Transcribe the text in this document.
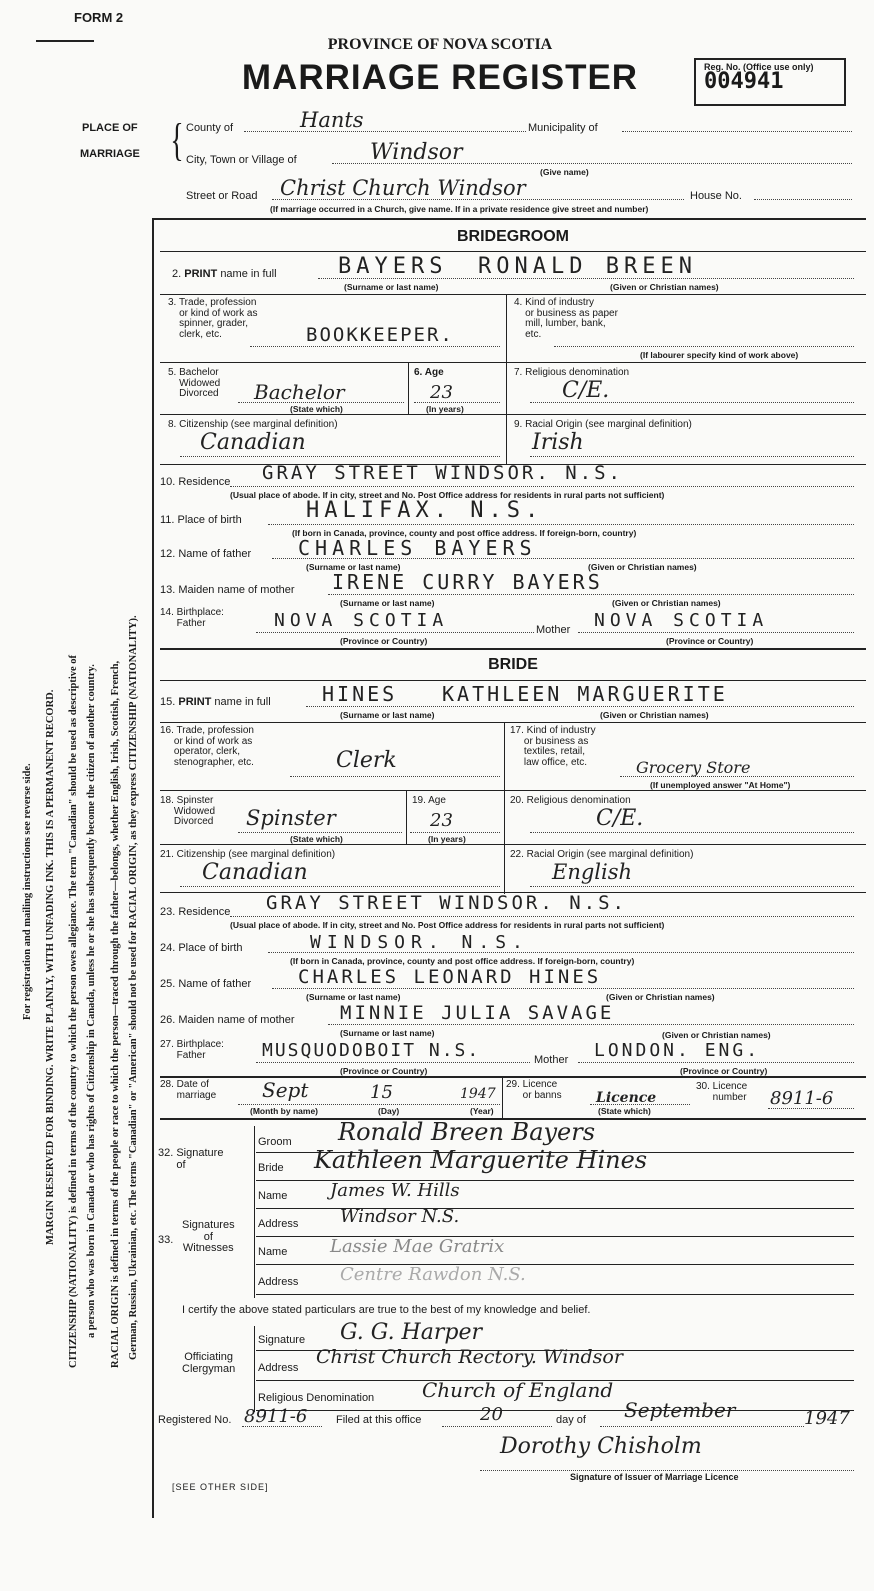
FORM 2
PROVINCE OF NOVA SCOTIA
MARRIAGE REGISTER	Reg. No. (Office use only)
004941
PLACE OF
MARRIAGE { County of	Hants	Municipality of
City, Town or Village of	Windsor
(Give name)
Street or Road Christ Church Windsor	House No.
(If marriage occurred in a Church, give name. If in a private residence give street and number)
For registration and mailing instructions see reverse side. MARGIN RESERVED FOR BINDING. WRITE PLAINLY, WITH UNFADING INK. THIS IS A PERMANENT RECORD. CITIZENSHIP (NATIONALITY) is defined in terms of the country to which the person owes allegiance. The term "Canadian" should be used as descriptive of a person who was born in Canada or who has rights of Citizenship in Canada, unless he or she has subsequently become the citizen of another country. RACIAL ORIGIN is defined in terms of the people or race to which the person—traced through the father—belongs, whether English, Irish, Scottish, French, German, Russian, Ukrainian, etc. The terms "Canadian" or "American" should not be used for RACIAL ORIGIN, as they express CITIZENSHIP (NATIONALITY).
BRIDEGROOM
2. PRINT name in full	BAYERS RONALD BREEN
(Surname or last name)	(Given or Christian names)
3. Trade, profession
or kind of work as
spinner, grader,
clerk, etc.	BOOKKEEPER.
4. Kind of industry
or business as paper
mill, lumber, bank,
etc.
(If labourer specify kind of work above)
5. Bachelor
Widowed
Divorced Bachelor
(State which)
6. Age
23
(In years)
7. Religious denomination
C/E.
8. Citizenship (see marginal definition)
Canadian
9. Racial Origin (see marginal definition)
Irish
10. Residence GRAY STREET WINDSOR. N.S.
(Usual place of abode. If in city, street and No. Post Office address for residents in rural parts not sufficient)
11. Place of birth	HALIFAX. N.S.
(If born in Canada, province, county and post office address. If foreign-born, country)
12. Name of father CHARLES BAYERS
(Surname or last name)	(Given or Christian names)
13. Maiden name of mother IRENE CURRY BAYERS
(Surname or last name)	(Given or Christian names)
14. Birthplace:
Father	NOVA SCOTIA	Mother NOVA SCOTIA
(Province or Country)	(Province or Country)
BRIDE
15. PRINT name in full	HINES KATHLEEN MARGUERITE
(Surname or last name)	(Given or Christian names)
16. Trade, profession
or kind of work as
operator, clerk,
stenographer, etc.	Clerk
17. Kind of industry
or business as
textiles, retail,
law office, etc.	Grocery Store
(If unemployed answer "At Home")
18. Spinster
Widowed
Divorced Spinster
(State which)
19. Age
23
(In years)
20. Religious denomination
C/E.
21. Citizenship (see marginal definition)
Canadian
22. Racial Origin (see marginal definition)
English
23. Residence GRAY STREET WINDSOR. N.S.
(Usual place of abode. If in city, street and No. Post Office address for residents in rural parts not sufficient)
24. Place of birth	WINDSOR. N.S.
(If born in Canada, province, county and post office address. If foreign-born, country)
25. Name of father CHARLES LEONARD HINES
(Surname or last name)	(Given or Christian names)
26. Maiden name of mother MINNIE JULIA SAVAGE
(Surname or last name)	(Given or Christian names)
27. Birthplace:
Father	MUSQUODOBOIT N.S.	Mother LONDON. ENG.
(Province or Country)	(Province or Country)
28. Date of
marriage Sept	15	1947
(Month by name)	(Day)	(Year)
29. Licence
or banns Licence
(State which)
30. Licence
number 8911-6
32. Signature
of
Groom Ronald Breen Bayers
Bride Kathleen Marguerite Hines
Name James W. Hills
Signatures
of
Witnesses
33.
Address Windsor N.S.
Name Lassie Mae Gratrix
Address Centre Rawdon N.S.
I certify the above stated particulars are true to the best of my knowledge and belief.
Officiating
Clergyman
Signature G. G. Harper
Address Christ Church Rectory. Windsor
Religious Denomination Church of England
Registered No. 8911-6	Filed at this office	20	day of September	1947
Dorothy Chisholm
Signature of Issuer of Marriage Licence
[SEE OTHER SIDE]
